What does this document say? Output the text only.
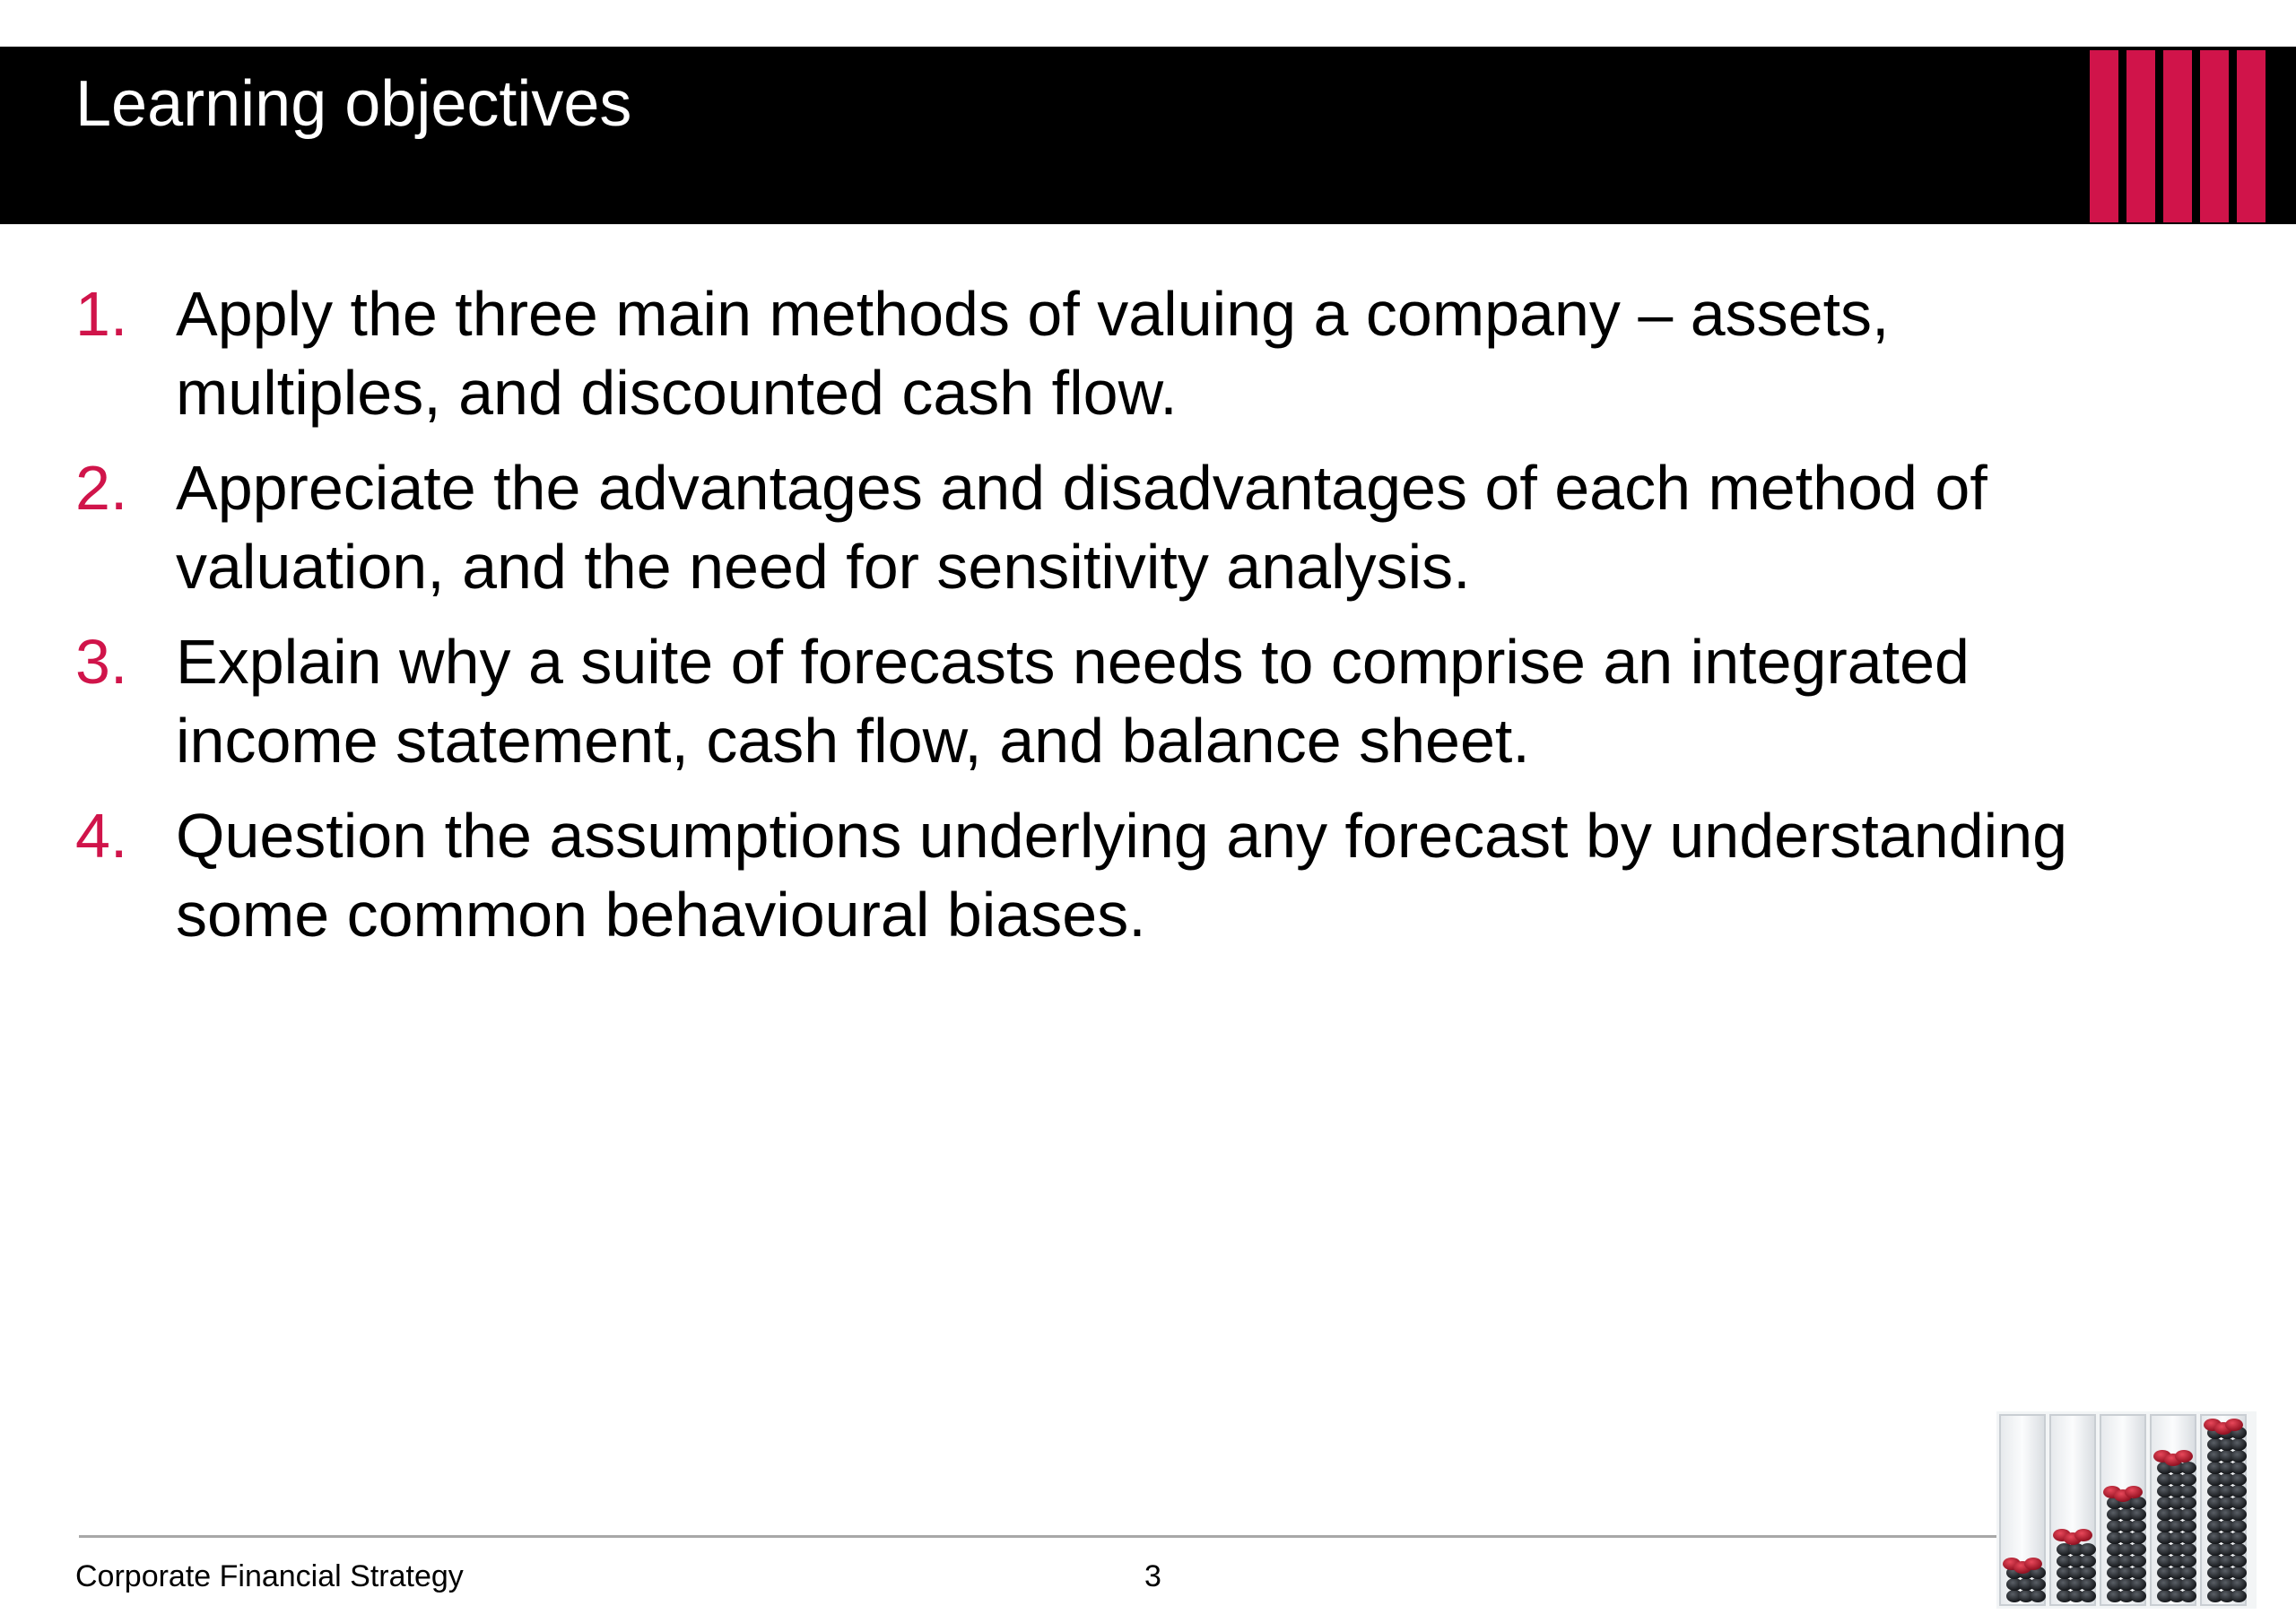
Learning objectives
1. Apply the three main methods of valuing a company – assets,
multiples, and discounted cash flow.
2. Appreciate the advantages and disadvantages of each method of
valuation, and the need for sensitivity analysis.
3. Explain why a suite of forecasts needs to comprise an integrated
income statement, cash flow, and balance sheet.
4. Question the assumptions underlying any forecast by understanding
some common behavioural biases.
Corporate Financial Strategy	3
